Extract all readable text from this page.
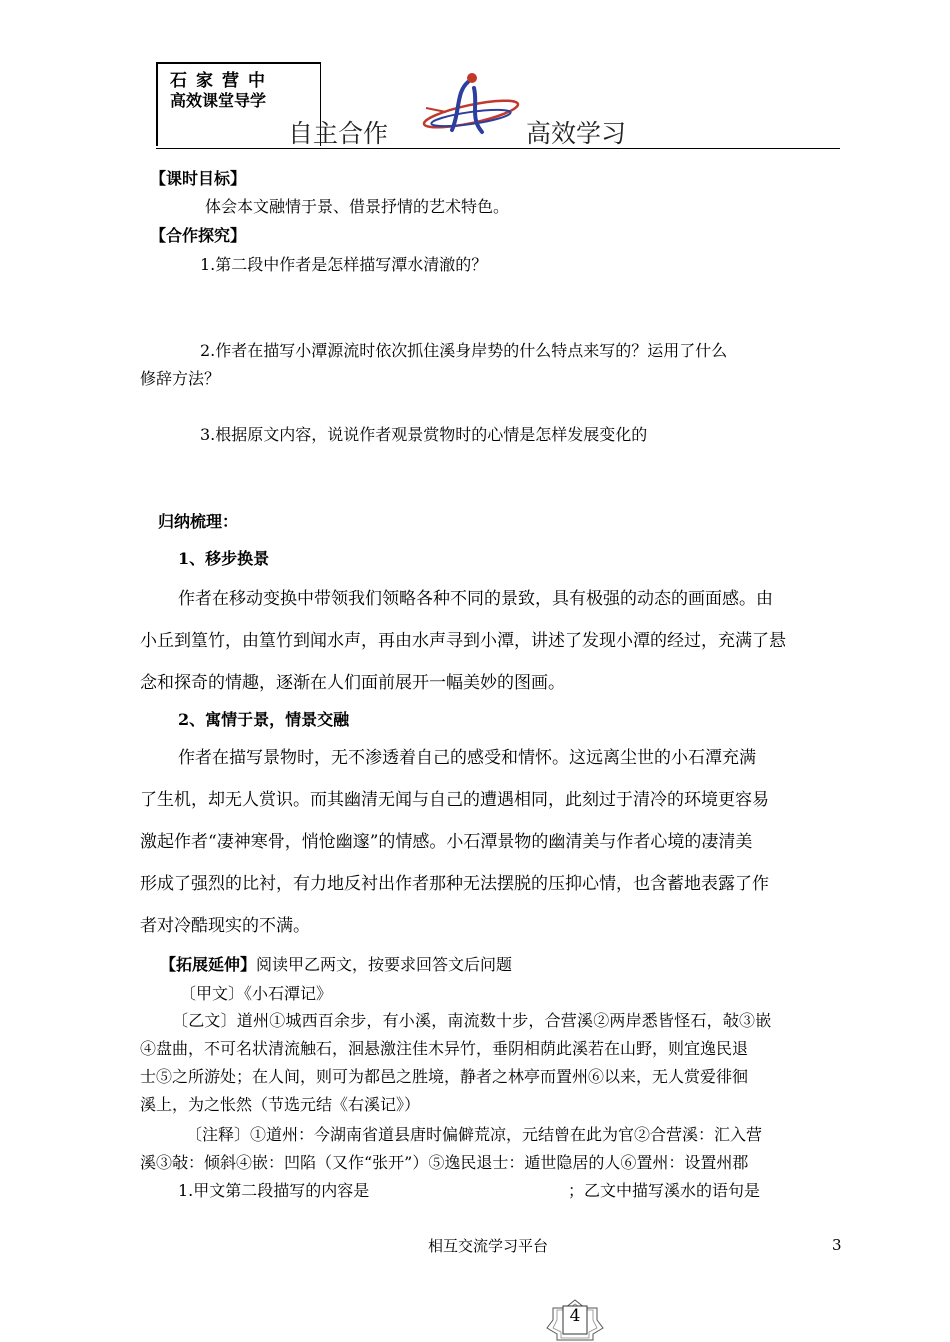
石家营中
高效课堂导学
自主合作	高效学习
【课时目标】
体会本文融情于景、借景抒情的艺术特色。
【合作探究】
1.第二段中作者是怎样描写潭水清澈的？
2.作者在描写小潭源流时依次抓住溪身岸势的什么特点来写的？运用了什么
修辞方法？
3.根据原文内容，说说作者观景赏物时的心情是怎样发展变化的
归纳梳理：
1、移步换景
作者在移动变换中带领我们领略各种不同的景致，具有极强的动态的画面感。由
小丘到篁竹，由篁竹到闻水声，再由水声寻到小潭，讲述了发现小潭的经过，充满了悬
念和探奇的情趣，逐渐在人们面前展开一幅美妙的图画。
2、寓情于景，情景交融
作者在描写景物时，无不渗透着自己的感受和情怀。这远离尘世的小石潭充满
了生机，却无人赏识。而其幽清无闻与自己的遭遇相同，此刻过于清冷的环境更容易
激起作者“凄神寒骨，悄怆幽邃”的情感。小石潭景物的幽清美与作者心境的凄清美
形成了强烈的比衬，有力地反衬出作者那种无法摆脱的压抑心情，也含蓄地表露了作
者对冷酷现实的不满。
【拓展延伸】阅读甲乙两文，按要求回答文后问题
〔甲文〕《小石潭记》
〔乙文〕道州①城西百余步，有小溪，南流数十步，合营溪②两岸悉皆怪石，敧③嵌
④盘曲，不可名状清流触石，洄悬激注佳木异竹，垂阴相荫此溪若在山野，则宜逸民退
士⑤之所游处；在人间，则可为都邑之胜境，静者之林亭而置州⑥以来，无人赏爱徘徊
溪上，为之怅然（节选元结《右溪记》）
〔注释〕①道州：今湖南省道县唐时偏僻荒凉，元结曾在此为官②合营溪：汇入营
溪③敧：倾斜④嵌：凹陷（又作“张开”）⑤逸民退士：遁世隐居的人⑥置州：设置州郡
1.甲文第二段描写的内容是	；乙文中描写溪水的语句是
相互交流学习平台	3
4
